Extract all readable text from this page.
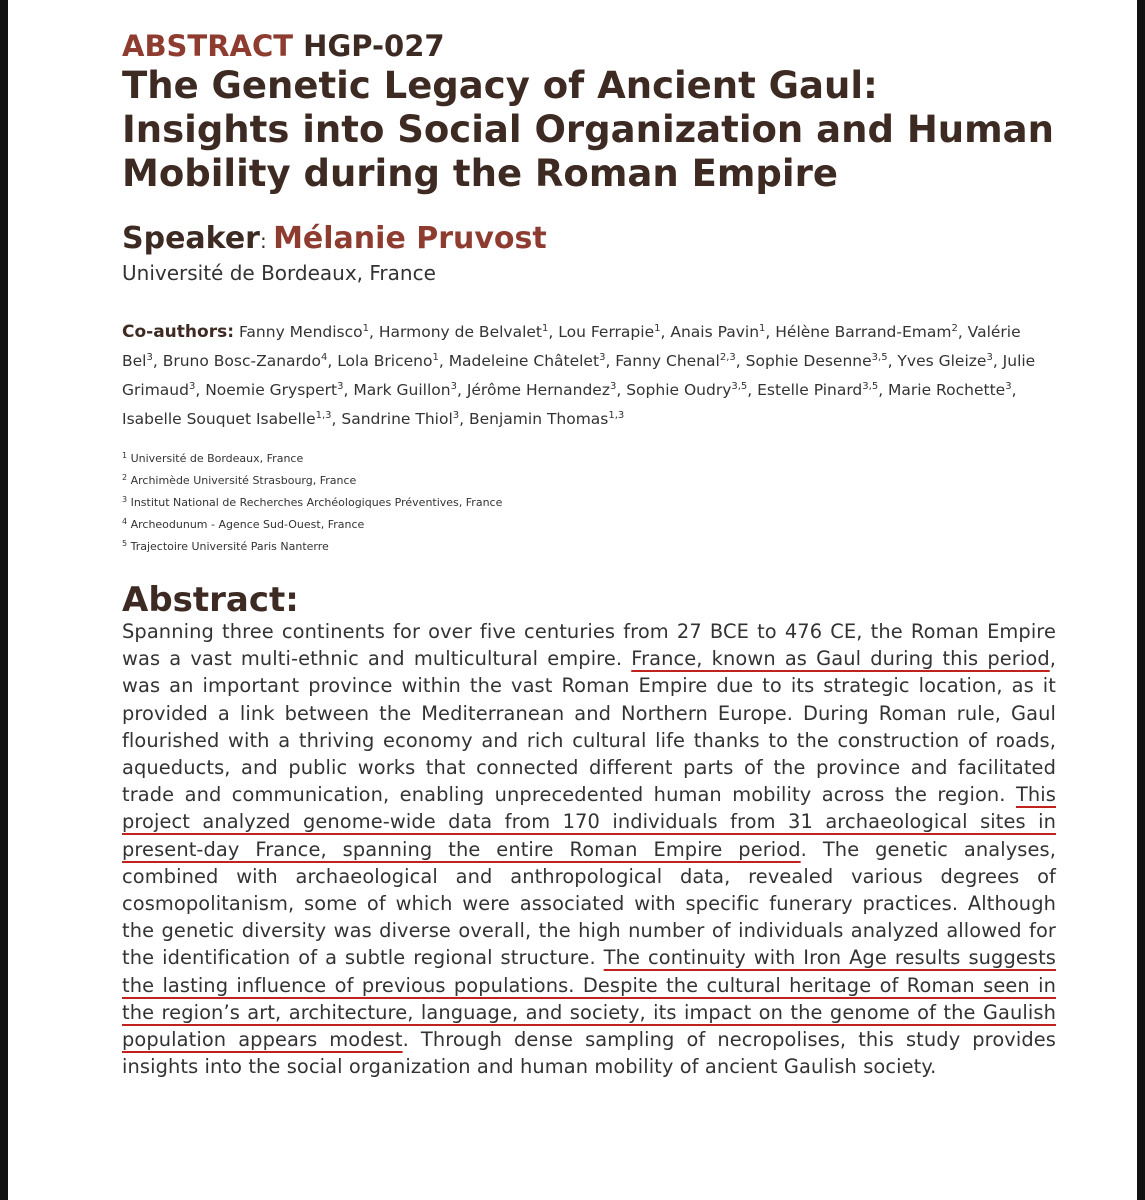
ABSTRACT HGP-027
The Genetic Legacy of Ancient Gaul: Insights into Social Organization and Human Mobility during the Roman Empire
Speaker: Mélanie Pruvost
Université de Bordeaux, France
Co-authors: Fanny Mendisco$^1$, Harmony de Belvalet$^1$, Lou Ferrapie$^1$, Anais Pavin$^1$, Hélène Barrand-Emam$^2$, Valérie Bel$^3$, Bruno Bosc-Zanardo$^4$, Lola Briceno$^1$, Madeleine Châtelet$^3$, Fanny Chenal$^{2,3}$, Sophie Desenne$^{3,5}$, Yves Gleize$^3$, Julie Grimaud$^3$, Noemie Gryspert$^3$, Mark Guillon$^3$, Jérôme Hernandez$^3$, Sophie Oudry$^{3,5}$, Estelle Pinard$^{3,5}$, Marie Rochette$^3$, Isabelle Souquet Isabelle$^{1,3}$, Sandrine Thiol$^3$, Benjamin Thomas$^{1,3}$
$^1$ Université de Bordeaux, France
$^2$ Archimède Université Strasbourg, France
$^3$ Institut National de Recherches Archéologiques Préventives, France
$^4$ Archeodunum - Agence Sud-Ouest, France
$^5$ Trajectoire Université Paris Nanterre
Abstract:
Spanning three continents for over five centuries from 27 BCE to 476 CE, the Roman Empire was a vast multi-ethnic and multicultural empire. France, known as Gaul during this period, was an important province within the vast Roman Empire due to its strategic location, as it provided a link between the Mediterranean and Northern Europe. During Roman rule, Gaul flourished with a thriving economy and rich cultural life thanks to the construction of roads, aqueducts, and public works that connected different parts of the province and facilitated trade and communication, enabling unprecedented human mobility across the region. This project analyzed genome-wide data from 170 individuals from 31 archaeological sites in present-day France, spanning the entire Roman Empire period. The genetic analyses, combined with archaeological and anthropological data, revealed various degrees of cosmopolitanism, some of which were associated with specific funerary practices. Although the genetic diversity was diverse overall, the high number of individuals analyzed allowed for the identification of a subtle regional structure. The continuity with Iron Age results suggests the lasting influence of previous populations. Despite the cultural heritage of Roman seen in the region’s art, architecture, language, and society, its impact on the genome of the Gaulish population appears modest. Through dense sampling of necropolises, this study provides insights into the social organization and human mobility of ancient Gaulish society.
